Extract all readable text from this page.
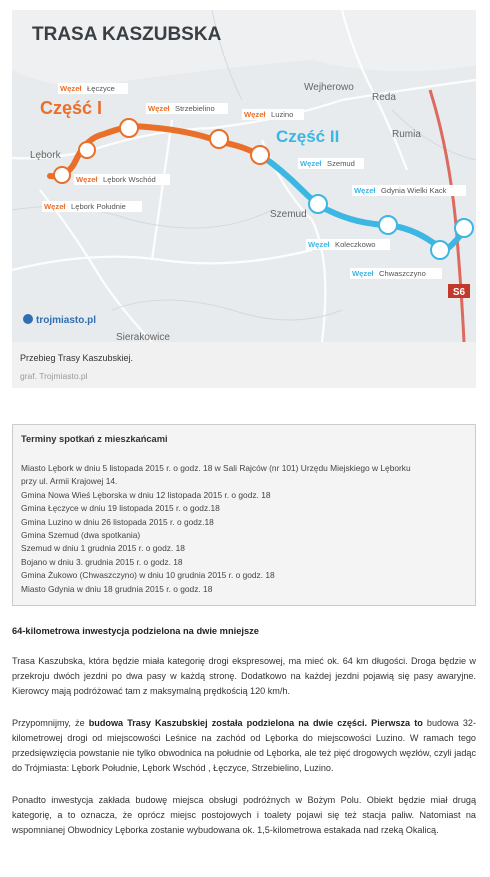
S6
TRASA KASZUBSKA
Część I
Część II
Lębork
Wejherowo
Reda
Rumia
Szemud
Sierakowice
Węzeł Łęczyce
Węzeł Strzebielino
Węzeł Luzino
Węzeł Lębork Wschód
Węzeł Lębork Południe
Węzeł Szemud
Węzeł Gdynia Wielki Kack
Węzeł Koleczkowo
Węzeł Chwaszczyno
trojmiasto.pl
Przebieg Trasy Kaszubskiej.
graf. Trojmiasto.pl
Terminy spotkań z mieszkańcami
Miasto Lębork w dniu 5 listopada 2015 r. o godz. 18 w Sali Rajców (nr 101) Urzędu Miejskiego w Lęborku
przy ul. Armii Krajowej 14.
Gmina Nowa Wieś Lęborska w dniu 12 listopada 2015 r. o godz. 18
Gmina Łęczyce w dniu 19 listopada 2015 r. o godz.18
Gmina Luzino w dniu 26 listopada 2015 r. o godz.18
Gmina Szemud (dwa spotkania)
Szemud w dniu 1 grudnia 2015 r. o godz. 18
Bojano w dniu 3. grudnia 2015 r. o godz. 18
Gmina Żukowo (Chwaszczyno) w dniu 10 grudnia 2015 r. o godz. 18
Miasto Gdynia w dniu 18 grudnia 2015 r. o godz. 18
64-kilometrowa inwestycja podzielona na dwie mniejsze

Trasa Kaszubska, która będzie miała kategorię drogi ekspresowej, ma mieć ok. 64 km długości. Droga będzie w przekroju dwóch jezdni po dwa pasy w każdą stronę. Dodatkowo na każdej jezdni pojawią się pasy awaryjne. Kierowcy mają podróżować tam z maksymalną prędkością 120 km/h.

Przypomnijmy, że budowa Trasy Kaszubskiej została podzielona na dwie części. Pierwsza to budowa 32-kilometrowej drogi od miejscowości Leśnice na zachód od Lęborka do miejscowości Luzino. W ramach tego przedsięwzięcia powstanie nie tylko obwodnica na południe od Lęborka, ale też pięć drogowych węzłów, czyli jadąc do Trójmiasta: Lębork Południe, Lębork Wschód , Łęczyce, Strzebielino, Luzino.

Ponadto inwestycja zakłada budowę miejsca obsługi podróżnych w Bożym Polu. Obiekt będzie miał drugą kategorię, a to oznacza, że oprócz miejsc postojowych i toalety pojawi się też stacja paliw. Natomiast na wspomnianej Obwodnicy Lęborka zostanie wybudowana ok. 1,5-kilometrowa estakada nad rzeką Okalicą.
